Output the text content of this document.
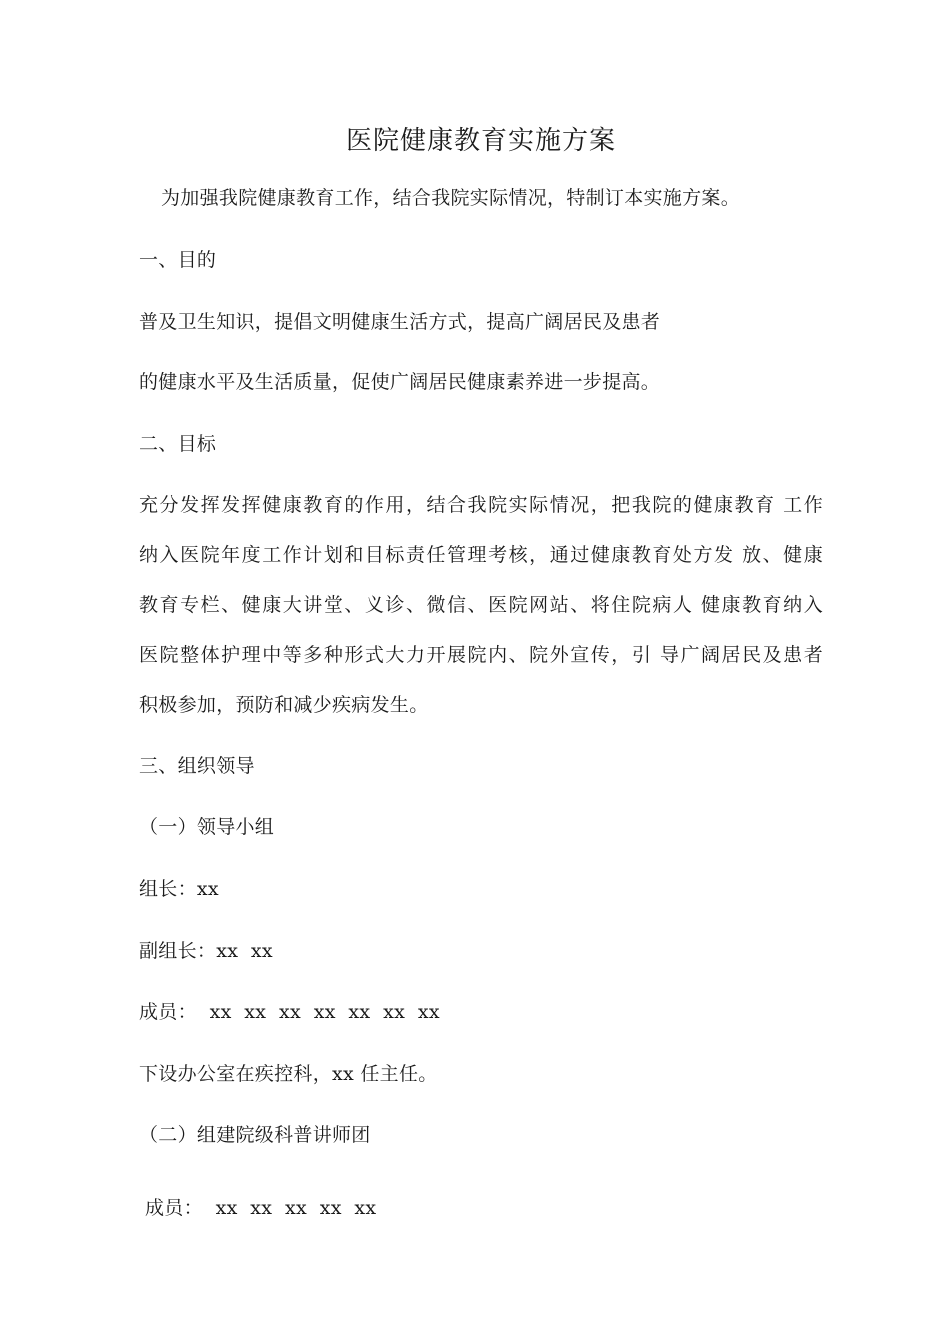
医院健康教育实施方案
为加强我院健康教育工作，结合我院实际情况，特制订本实施方案。
一、目的
普及卫生知识，提倡文明健康生活方式，提高广阔居民及患者
的健康水平及生活质量，促使广阔居民健康素养进一步提高。
二、目标
充分发挥发挥健康教育的作用，结合我院实际情况，把我院的健康教育 工作
纳入医院年度工作计划和目标责任管理考核，通过健康教育处方发 放、健康
教育专栏、健康大讲堂、义诊、微信、医院网站、将住院病人 健康教育纳入
医院整体护理中等多种形式大力开展院内、院外宣传，引 导广阔居民及患者
积极参加，预防和减少疾病发生。
三、组织领导
（一）领导小组
组长：xx
副组长：xx  xx
成员：  xx  xx  xx  xx  xx  xx  xx
下设办公室在疾控科，xx 任主任。
（二）组建院级科普讲师团
成员：  xx  xx  xx  xx  xx
